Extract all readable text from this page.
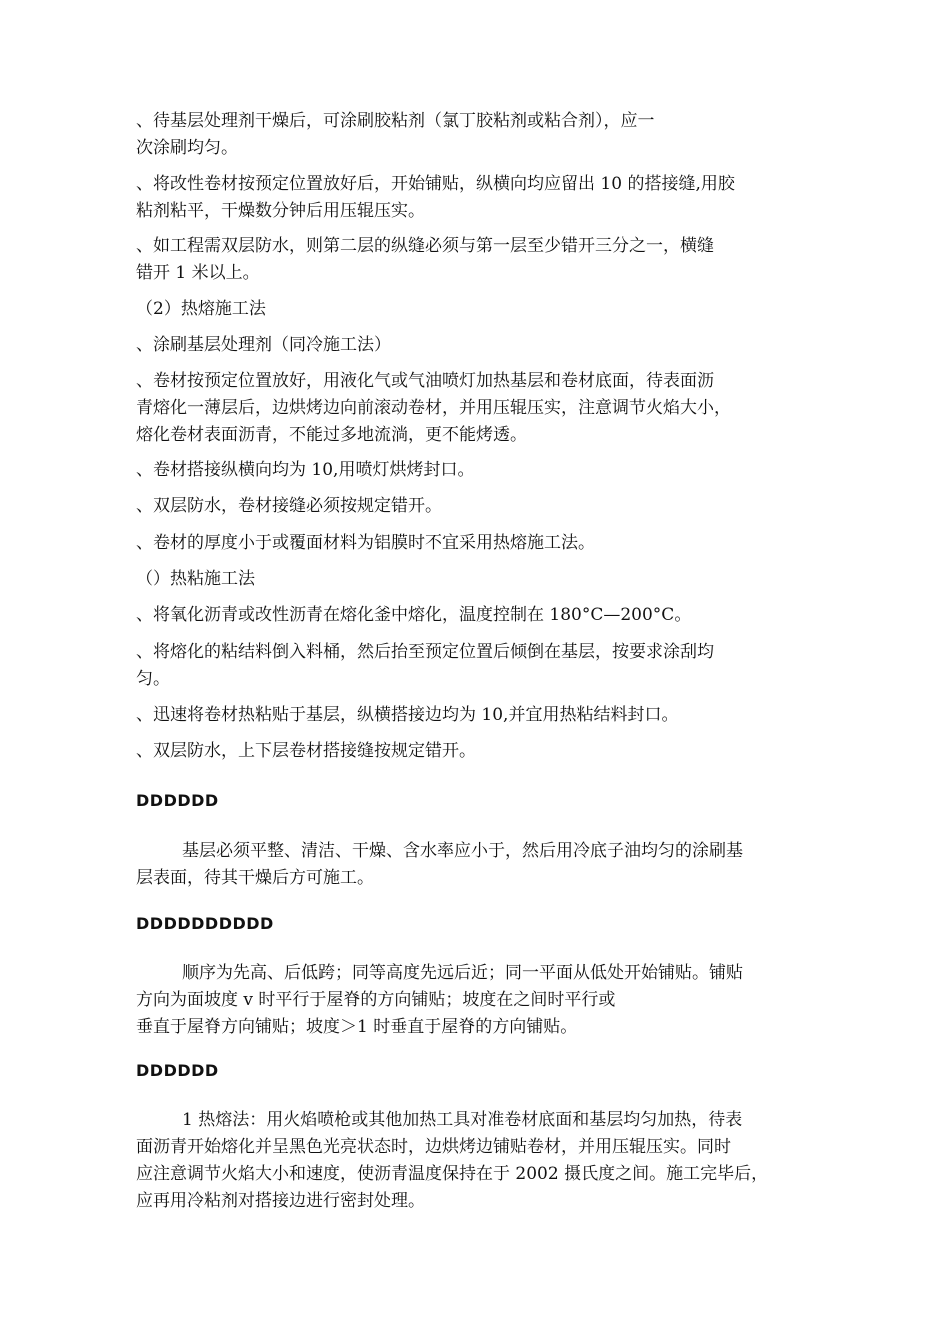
、待基层处理剂干燥后，可涂刷胶粘剂（氯丁胶粘剂或粘合剂），应一
次涂刷均匀。

、将改性卷材按预定位置放好后，开始铺贴，纵横向均应留出 10 的搭接缝,用胶
粘剂粘平，干燥数分钟后用压辊压实。

、如工程需双层防水，则第二层的纵缝必须与第一层至少错开三分之一，横缝
错开 1 米以上。

（2）热熔施工法

、涂刷基层处理剂（同冷施工法）

、卷材按预定位置放好，用液化气或气油喷灯加热基层和卷材底面，待表面沥
青熔化一薄层后，边烘烤边向前滚动卷材，并用压辊压实，注意调节火焰大小，
熔化卷材表面沥青，不能过多地流淌，更不能烤透。

、卷材搭接纵横向均为 10,用喷灯烘烤封口。

、双层防水，卷材接缝必须按规定错开。

、卷材的厚度小于或覆面材料为铝膜时不宜采用热熔施工法。

（）热粘施工法

、将氧化沥青或改性沥青在熔化釜中熔化，温度控制在 180°C—200°C。

、将熔化的粘结料倒入料桶，然后抬至预定位置后倾倒在基层，按要求涂刮均
匀。

、迅速将卷材热粘贴于基层，纵横搭接边均为 10,并宜用热粘结料封口。

、双层防水，上下层卷材搭接缝按规定错开。

DDDDDD

基层必须平整、清洁、干燥、含水率应小于，然后用冷底子油均匀的涂刷基
层表面，待其干燥后方可施工。

DDDDDDDDDD

顺序为先高、后低跨；同等高度先远后近；同一平面从低处开始铺贴。铺贴
方向为面坡度 v 时平行于屋脊的方向铺贴；坡度在之间时平行或
垂直于屋脊方向铺贴；坡度＞1 时垂直于屋脊的方向铺贴。

DDDDDD

1 热熔法：用火焰喷枪或其他加热工具对准卷材底面和基层均匀加热，待表
面沥青开始熔化并呈黑色光亮状态时，边烘烤边铺贴卷材，并用压辊压实。同时
应注意调节火焰大小和速度，使沥青温度保持在于 2002 摄氏度之间。施工完毕后，
应再用冷粘剂对搭接边进行密封处理。
